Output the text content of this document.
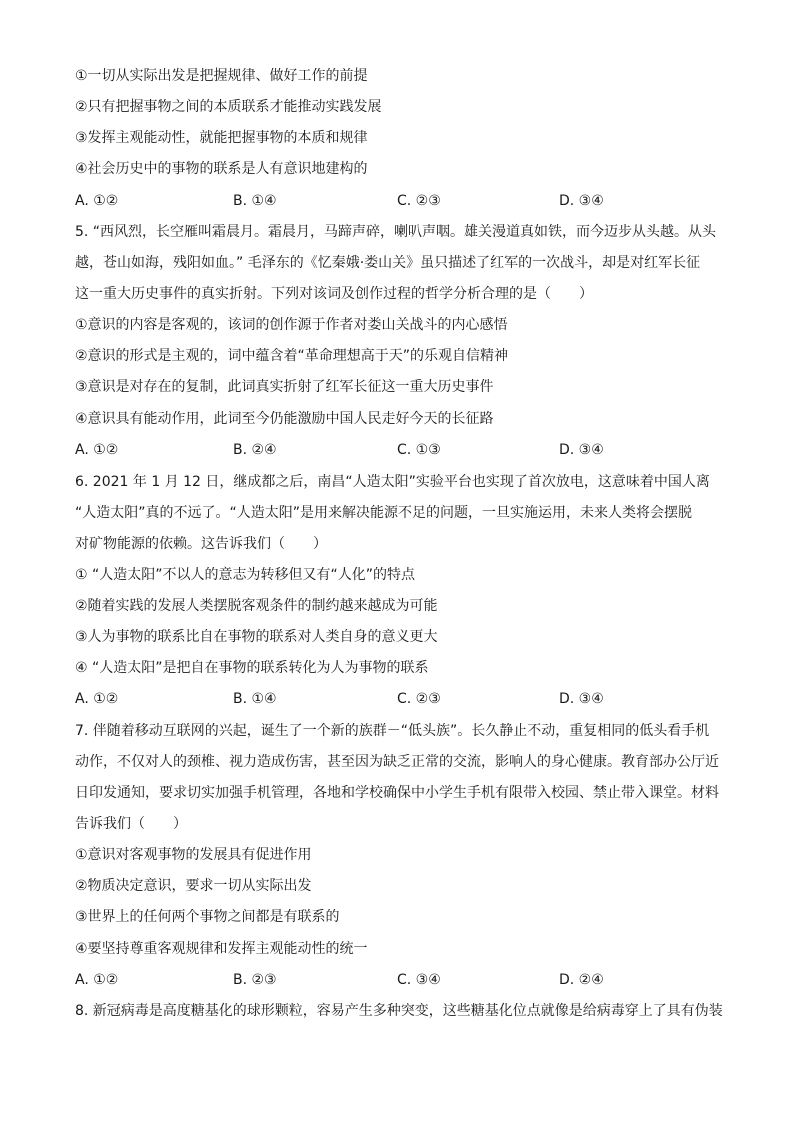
①一切从实际出发是把握规律、做好工作的前提
②只有把握事物之间的本质联系才能推动实践发展
③发挥主观能动性，就能把握事物的本质和规律
④社会历史中的事物的联系是人有意识地建构的
A. ①②	B. ①④	C. ②③	D. ③④
5. “西风烈，长空雁叫霜晨月。霜晨月，马蹄声碎，喇叭声咽。雄关漫道真如铁，而今迈步从头越。从头
越，苍山如海，残阳如血。” 毛泽东的《忆秦娥·娄山关》虽只描述了红军的一次战斗，却是对红军长征
这一重大历史事件的真实折射。下列对该词及创作过程的哲学分析合理的是（　　）
①意识的内容是客观的，该词的创作源于作者对娄山关战斗的内心感悟
②意识的形式是主观的，词中蕴含着“革命理想高于天”的乐观自信精神
③意识是对存在的复制，此词真实折射了红军长征这一重大历史事件
④意识具有能动作用，此词至今仍能激励中国人民走好今天的长征路
A. ①②	B. ②④	C. ①③	D. ③④
6. 2021 年 1 月 12 日，继成都之后，南昌“人造太阳”实验平台也实现了首次放电，这意味着中国人离
“人造太阳”真的不远了。“人造太阳”是用来解决能源不足的问题，一旦实施运用，未来人类将会摆脱
对矿物能源的依赖。这告诉我们（　　）
① “人造太阳”不以人的意志为转移但又有“人化”的特点
②随着实践的发展人类摆脱客观条件的制约越来越成为可能
③人为事物的联系比自在事物的联系对人类自身的意义更大
④ “人造太阳”是把自在事物的联系转化为人为事物的联系
A. ①②	B. ①④	C. ②③	D. ③④
7. 伴随着移动互联网的兴起，诞生了一个新的族群－“低头族”。长久静止不动，重复相同的低头看手机
动作，不仅对人的颈椎、视力造成伤害，甚至因为缺乏正常的交流，影响人的身心健康。教育部办公厅近
日印发通知，要求切实加强手机管理，各地和学校确保中小学生手机有限带入校园、禁止带入课堂。材料
告诉我们（　　）
①意识对客观事物的发展具有促进作用
②物质决定意识，要求一切从实际出发
③世界上的任何两个事物之间都是有联系的
④要坚持尊重客观规律和发挥主观能动性的统一
A. ①②	B. ②③	C. ③④	D. ②④
8. 新冠病毒是高度糖基化的球形颗粒，容易产生多种突变，这些糖基化位点就像是给病毒穿上了具有伪装
